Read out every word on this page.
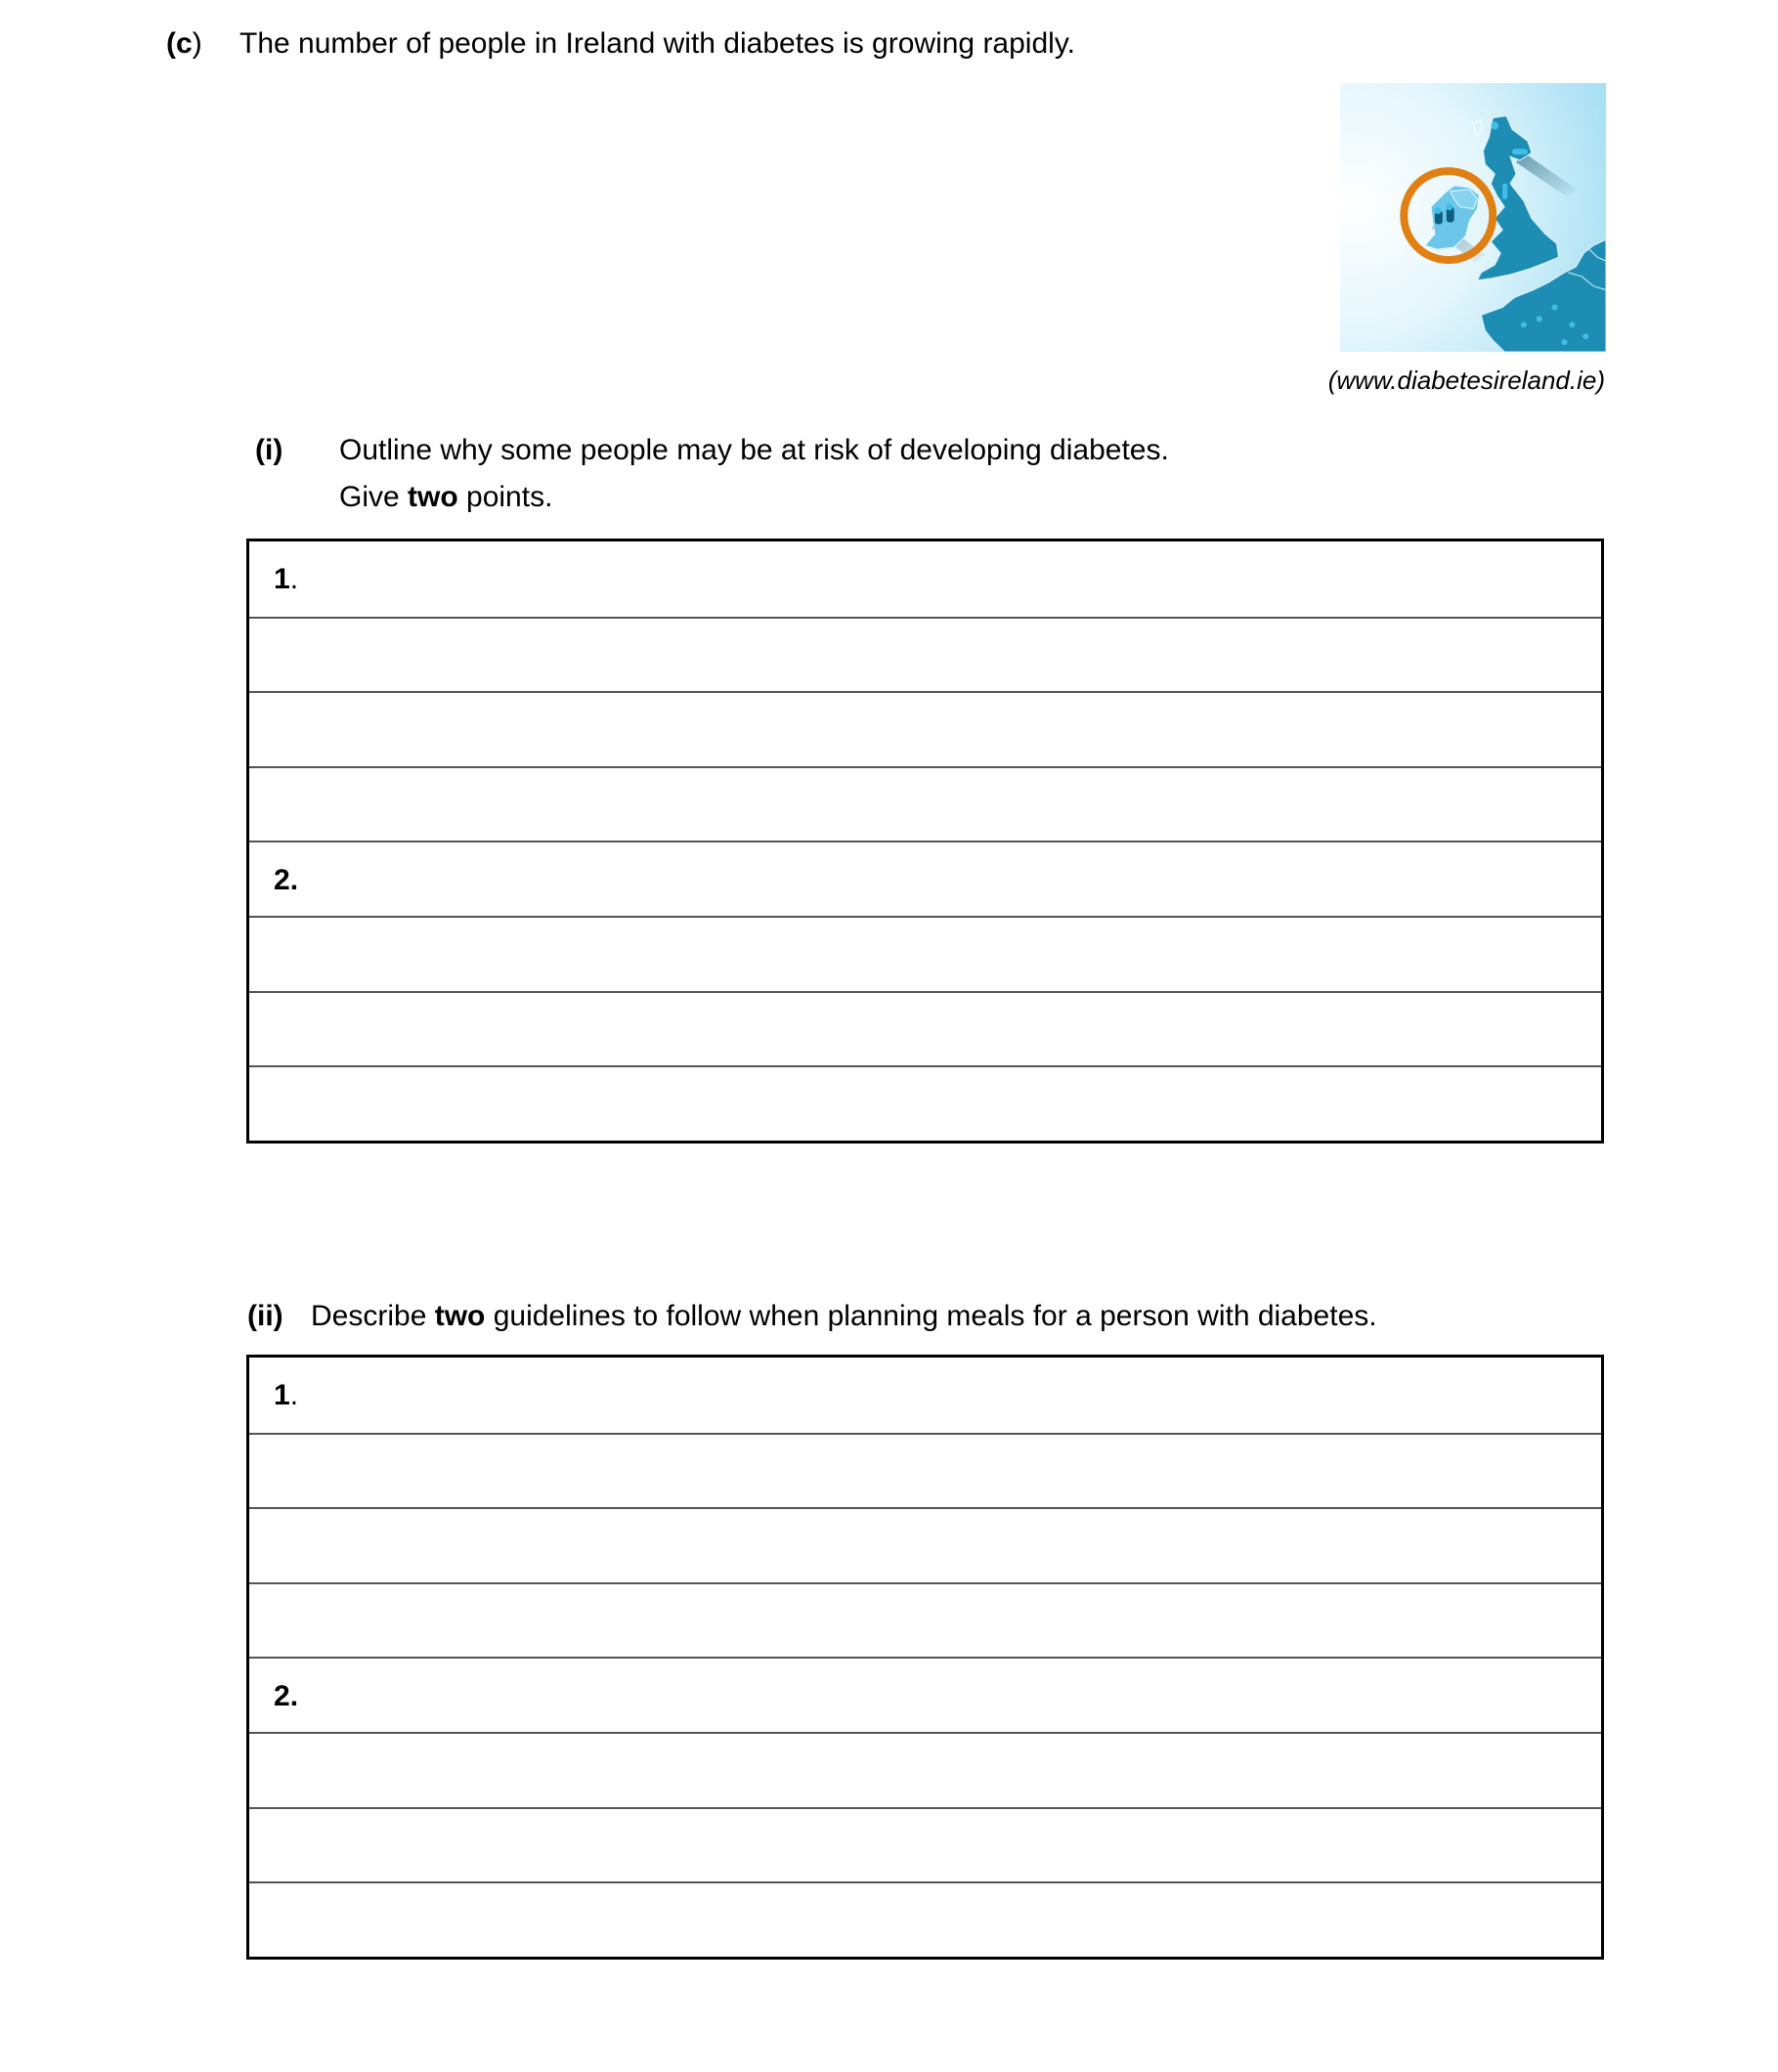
(c) The number of people in Ireland with diabetes is growing rapidly.
(www.diabetesireland.ie)
(i) Outline why some people may be at risk of developing diabetes.
Give two points.
1.
2.
(ii) Describe two guidelines to follow when planning meals for a person with diabetes.
1.
2.
